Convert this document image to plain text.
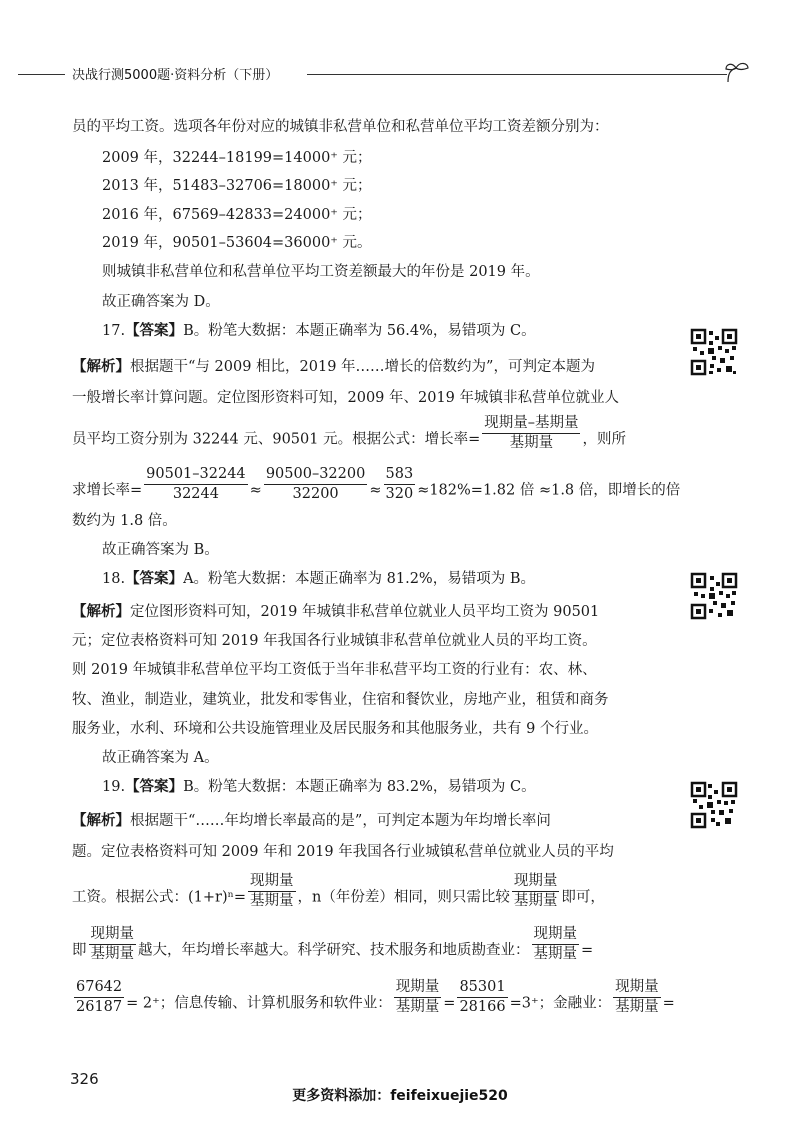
决战行测5000题·资料分析（下册）
员的平均工资。选项各年份对应的城镇非私营单位和私营单位平均工资差额分别为：
2009 年，32244–18199=14000⁺ 元；
2013 年，51483–32706=18000⁺ 元；
2016 年，67569–42833=24000⁺ 元；
2019 年，90501–53604=36000⁺ 元。
则城镇非私营单位和私营单位平均工资差额最大的年份是 2019 年。
故正确答案为 D。
17.【答案】B。粉笔大数据：本题正确率为 56.4%，易错项为 C。
【解析】根据题干“与 2009 相比，2019 年……增长的倍数约为”，可判定本题为
一般增长率计算问题。定位图形资料可知，2009 年、2019 年城镇非私营单位就业人
员平均工资分别为 32244 元、90501 元。根据公式：增长率= $\frac{\text{现期量–基期量}}{\text{基期量}}$ ，则所
求增长率= $\frac{90501-32244}{32244} \approx \frac{90500-32200}{32200} \approx \frac{583}{320} \approx 182\%=1.82$ 倍 ≈1.8 倍，即增长的倍
数约为 1.8 倍。
故正确答案为 B。
18.【答案】A。粉笔大数据：本题正确率为 81.2%，易错项为 B。
【解析】定位图形资料可知，2019 年城镇非私营单位就业人员平均工资为 90501
元；定位表格资料可知 2019 年我国各行业城镇非私营单位就业人员的平均工资。
则 2019 年城镇非私营单位平均工资低于当年非私营平均工资的行业有：农、林、
牧、渔业，制造业，建筑业，批发和零售业，住宿和餐饮业，房地产业，租赁和商务
服务业，水利、环境和公共设施管理业及居民服务和其他服务业，共有 9 个行业。
故正确答案为 A。
19.【答案】B。粉笔大数据：本题正确率为 83.2%，易错项为 C。
【解析】根据题干“……年均增长率最高的是”，可判定本题为年均增长率问
题。定位表格资料可知 2009 年和 2019 年我国各行业城镇私营单位就业人员的平均
工资。根据公式：$(1+r)^n= \frac{\text{现期量}}{\text{基期量}}$ ，n（年份差）相同，则只需比较 $\frac{\text{现期量}}{\text{基期量}}$ 即可，
即 $\frac{\text{现期量}}{\text{基期量}}$ 越大，年均增长率越大。科学研究、技术服务和地质勘查业： $\frac{\text{现期量}}{\text{基期量}}$ =
$\frac{67642}{26187} = 2^+$；信息传输、计算机服务和软件业： $\frac{\text{现期量}}{\text{基期量}} = \frac{85301}{28166} =3^+$；金融业： $\frac{\text{现期量}}{\text{基期量}}$ =
326
更多资料添加：feifeixuejie520
